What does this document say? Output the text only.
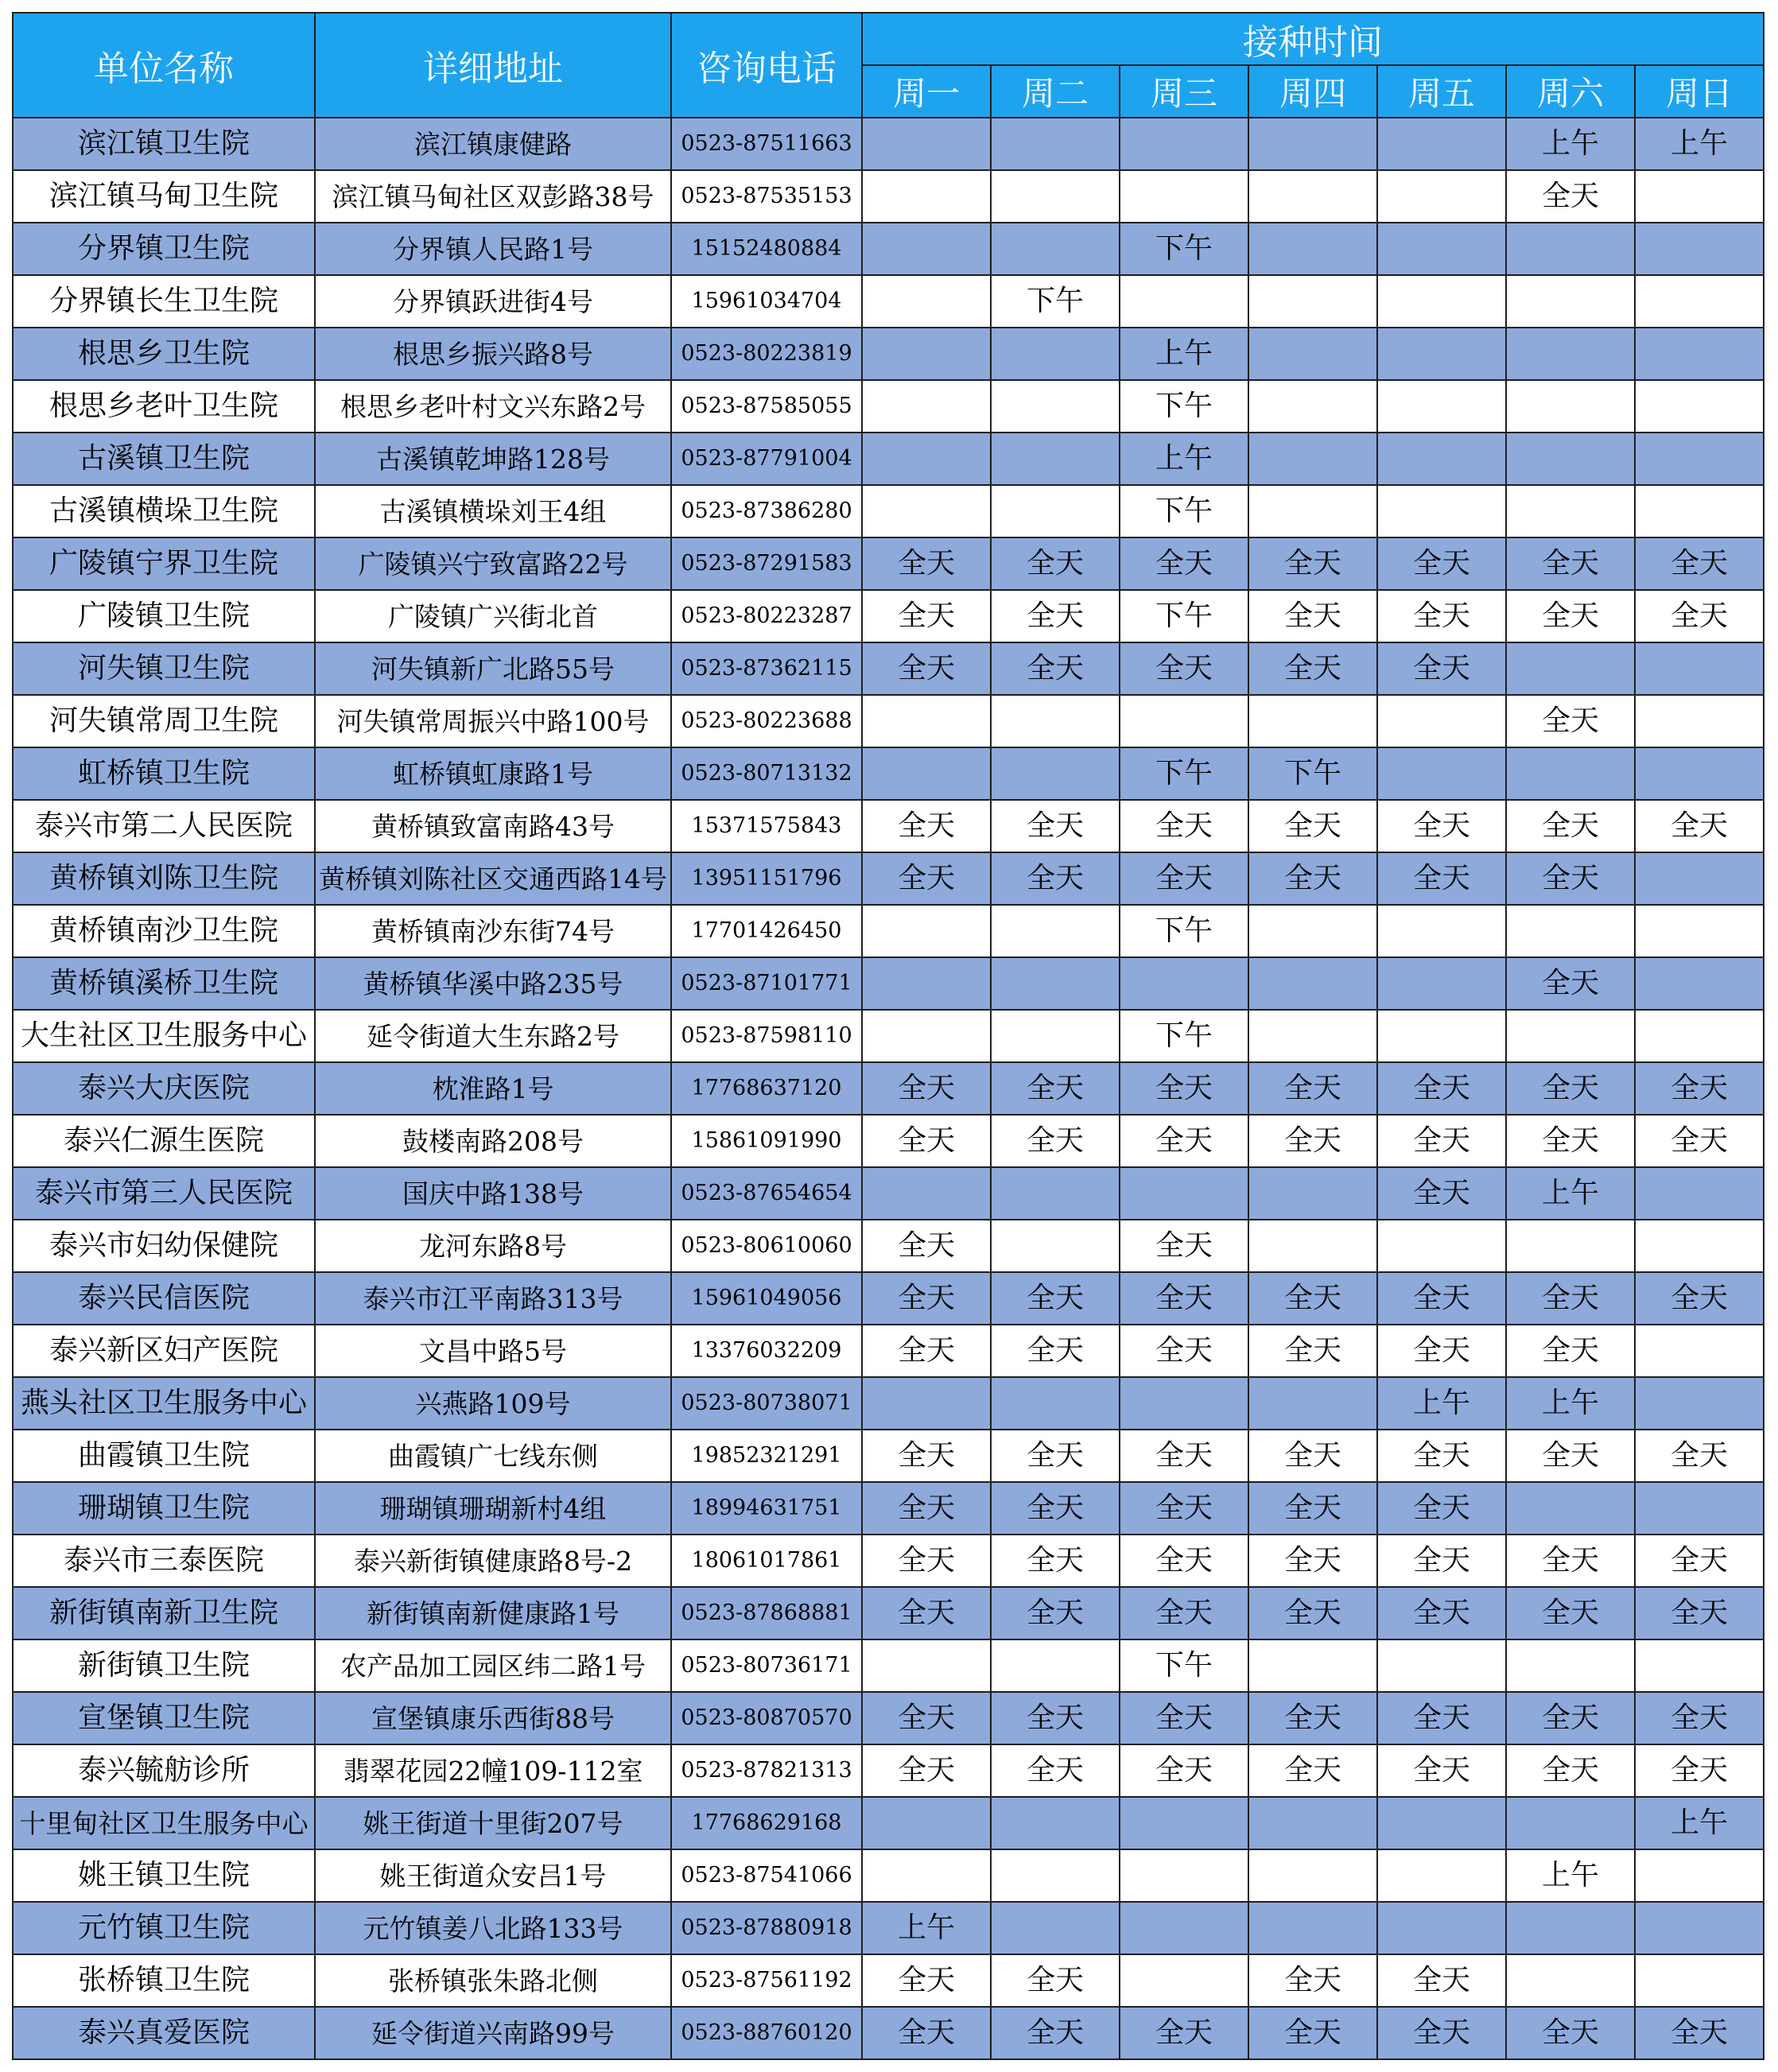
单位名称	详细地址	咨询电话	接种时间						
			周一	周二	周三	周四	周五	周六	周日
滨江镇卫生院	滨江镇康健路	0523-87511663						上午	上午
滨江镇马甸卫生院	滨江镇马甸社区双彭路38号	0523-87535153						全天	
分界镇卫生院	分界镇人民路1号	15152480884			下午				
分界镇长生卫生院	分界镇跃进街4号	15961034704		下午					
根思乡卫生院	根思乡振兴路8号	0523-80223819			上午				
根思乡老叶卫生院	根思乡老叶村文兴东路2号	0523-87585055			下午				
古溪镇卫生院	古溪镇乾坤路128号	0523-87791004			上午				
古溪镇横垛卫生院	古溪镇横垛刘王4组	0523-87386280			下午				
广陵镇宁界卫生院	广陵镇兴宁致富路22号	0523-87291583	全天	全天	全天	全天	全天	全天	全天
广陵镇卫生院	广陵镇广兴街北首	0523-80223287	全天	全天	下午	全天	全天	全天	全天
河失镇卫生院	河失镇新广北路55号	0523-87362115	全天	全天	全天	全天	全天		
河失镇常周卫生院	河失镇常周振兴中路100号	0523-80223688						全天	
虹桥镇卫生院	虹桥镇虹康路1号	0523-80713132			下午	下午			
泰兴市第二人民医院	黄桥镇致富南路43号	15371575843	全天	全天	全天	全天	全天	全天	全天
黄桥镇刘陈卫生院	黄桥镇刘陈社区交通西路14号	13951151796	全天	全天	全天	全天	全天	全天	
黄桥镇南沙卫生院	黄桥镇南沙东街74号	17701426450			下午				
黄桥镇溪桥卫生院	黄桥镇华溪中路235号	0523-87101771						全天	
大生社区卫生服务中心	延令街道大生东路2号	0523-87598110			下午				
泰兴大庆医院	枕淮路1号	17768637120	全天	全天	全天	全天	全天	全天	全天
泰兴仁源生医院	鼓楼南路208号	15861091990	全天	全天	全天	全天	全天	全天	全天
泰兴市第三人民医院	国庆中路138号	0523-87654654					全天	上午	
泰兴市妇幼保健院	龙河东路8号	0523-80610060	全天		全天				
泰兴民信医院	泰兴市江平南路313号	15961049056	全天	全天	全天	全天	全天	全天	全天
泰兴新区妇产医院	文昌中路5号	13376032209	全天	全天	全天	全天	全天	全天	
燕头社区卫生服务中心	兴燕路109号	0523-80738071					上午	上午	
曲霞镇卫生院	曲霞镇广七线东侧	19852321291	全天	全天	全天	全天	全天	全天	全天
珊瑚镇卫生院	珊瑚镇珊瑚新村4组	18994631751	全天	全天	全天	全天	全天		
泰兴市三泰医院	泰兴新街镇健康路8号-2	18061017861	全天	全天	全天	全天	全天	全天	全天
新街镇南新卫生院	新街镇南新健康路1号	0523-87868881	全天	全天	全天	全天	全天	全天	全天
新街镇卫生院	农产品加工园区纬二路1号	0523-80736171			下午				
宣堡镇卫生院	宣堡镇康乐西街88号	0523-80870570	全天	全天	全天	全天	全天	全天	全天
泰兴毓舫诊所	翡翠花园22幢109-112室	0523-87821313	全天	全天	全天	全天	全天	全天	全天
十里甸社区卫生服务中心	姚王街道十里街207号	17768629168							上午
姚王镇卫生院	姚王街道众安吕1号	0523-87541066						上午	
元竹镇卫生院	元竹镇姜八北路133号	0523-87880918	上午						
张桥镇卫生院	张桥镇张朱路北侧	0523-87561192	全天	全天		全天	全天		
泰兴真爱医院	延令街道兴南路99号	0523-88760120	全天	全天	全天	全天	全天	全天	全天
